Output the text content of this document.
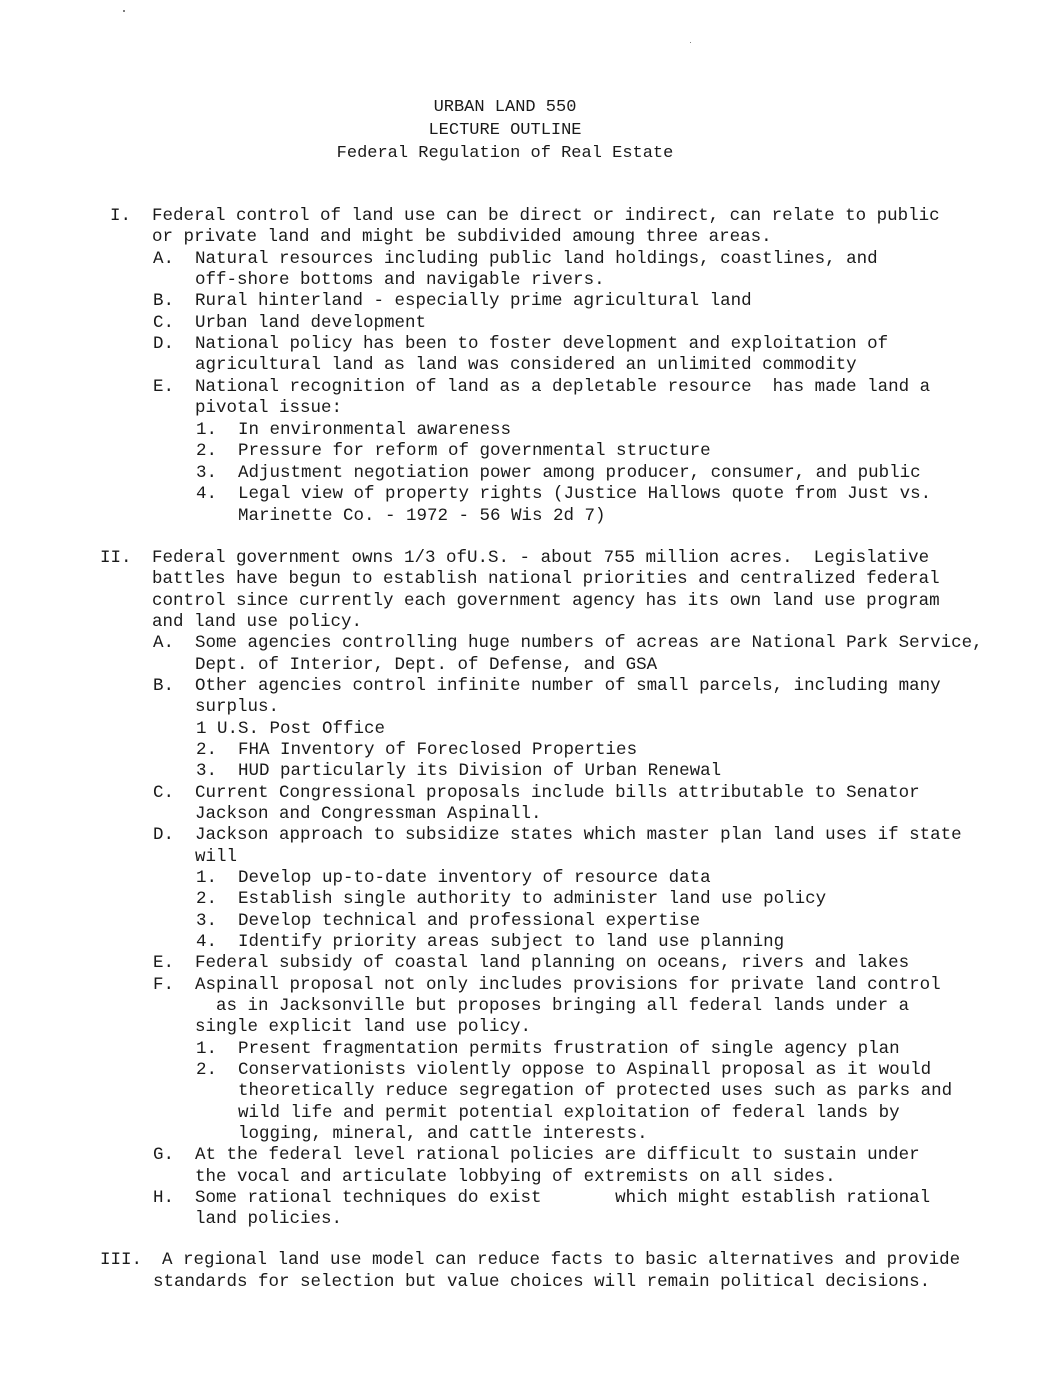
URBAN LAND 550
LECTURE OUTLINE
Federal Regulation of Real Estate
I. Federal control of land use can be direct or indirect, can relate to public
or private land and might be subdivided amoung three areas.
A. Natural resources including public land holdings, coastlines, and
off-shore bottoms and navigable rivers.
B. Rural hinterland - especially prime agricultural land
C. Urban land development
D. National policy has been to foster development and exploitation of
agricultural land as land was considered an unlimited commodity
E. National recognition of land as a depletable resource  has made land a
pivotal issue:
1. In environmental awareness
2. Pressure for reform of governmental structure
3. Adjustment negotiation power among producer, consumer, and public
4. Legal view of property rights (Justice Hallows quote from Just vs.
Marinette Co. - 1972 - 56 Wis 2d 7)
II. Federal government owns 1/3 ofU.S. - about 755 million acres.  Legislative
battles have begun to establish national priorities and centralized federal
control since currently each government agency has its own land use program
and land use policy.
A. Some agencies controlling huge numbers of acreas are National Park Service,
Dept. of Interior, Dept. of Defense, and GSA
B. Other agencies control infinite number of small parcels, including many
surplus.
1 U.S. Post Office
2. FHA Inventory of Foreclosed Properties
3. HUD particularly its Division of Urban Renewal
C. Current Congressional proposals include bills attributable to Senator
Jackson and Congressman Aspinall.
D. Jackson approach to subsidize states which master plan land uses if state
will
1. Develop up-to-date inventory of resource data
2. Establish single authority to administer land use policy
3. Develop technical and professional expertise
4. Identify priority areas subject to land use planning
E. Federal subsidy of coastal land planning on oceans, rivers and lakes
F. Aspinall proposal not only includes provisions for private land control
as in Jacksonville but proposes bringing all federal lands under a
single explicit land use policy.
1. Present fragmentation permits frustration of single agency plan
2. Conservationists violently oppose to Aspinall proposal as it would
theoretically reduce segregation of protected uses such as parks and
wild life and permit potential exploitation of federal lands by
logging, mineral, and cattle interests.
G. At the federal level rational policies are difficult to sustain under
the vocal and articulate lobbying of extremists on all sides.
H. Some rational techniques do exist       which might establish rational
land policies.
III. A regional land use model can reduce facts to basic alternatives and provide
standards for selection but value choices will remain political decisions.
